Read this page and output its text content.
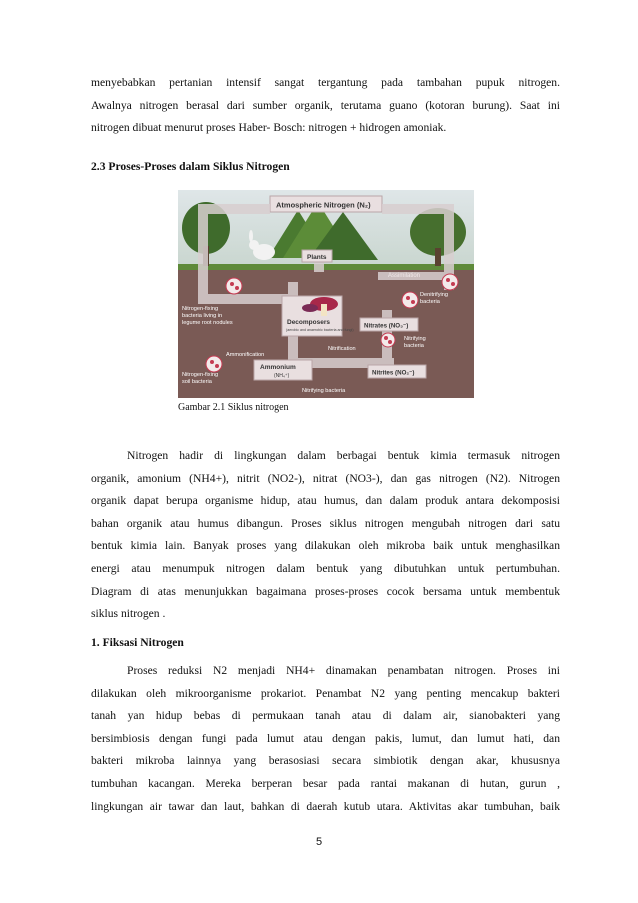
menyebabkan pertanian intensif sangat tergantung pada tambahan pupuk nitrogen.
Awalnya nitrogen berasal dari sumber organik, terutama guano (kotoran burung). Saat ini
nitrogen dibuat menurut proses Haber- Bosch: nitrogen + hidrogen amoniak.
2.3 Proses-Proses dalam Siklus Nitrogen
Atmospheric Nitrogen (N₂)
Plants
Assimilation
Nitrogen-fixing bacteria living in legume root nodules	Decomposers
(aerobic and anaerobic bacteria and fungi)
Nitrates (NO₃⁻)
Denitrifying bacteria
Ammonification
Nitrification
Nitrifying bacteria
Ammonium
(NH₄⁺)	Nitrites (NO₂⁻)
Nitrogen-fixing soil bacteria
Nitrifying bacteria
Gambar 2.1 Siklus nitrogen
Nitrogen hadir di lingkungan dalam berbagai bentuk kimia termasuk nitrogen
organik, amonium (NH4+), nitrit (NO2-), nitrat (NO3-), dan gas nitrogen (N2). Nitrogen
organik dapat berupa organisme hidup, atau humus, dan dalam produk antara dekomposisi
bahan organik atau humus dibangun. Proses siklus nitrogen mengubah nitrogen dari satu
bentuk kimia lain. Banyak proses yang dilakukan oleh mikroba baik untuk menghasilkan
energi atau menumpuk nitrogen dalam bentuk yang dibutuhkan untuk pertumbuhan.
Diagram di atas menunjukkan bagaimana proses-proses cocok bersama untuk membentuk
siklus nitrogen .
1. Fiksasi Nitrogen
Proses reduksi N2 menjadi NH4+ dinamakan penambatan nitrogen. Proses ini
dilakukan oleh mikroorganisme prokariot. Penambat N2 yang penting mencakup bakteri
tanah yan hidup bebas di permukaan tanah atau di dalam air, sianobakteri yang
bersimbiosis dengan fungi pada lumut atau dengan pakis, lumut, dan lumut hati, dan
bakteri mikroba lainnya yang berasosiasi secara simbiotik dengan akar, khususnya
tumbuhan kacangan. Mereka berperan besar pada rantai makanan di hutan, gurun ,
lingkungan air tawar dan laut, bahkan di daerah kutub utara. Aktivitas akar tumbuhan, baik
5
